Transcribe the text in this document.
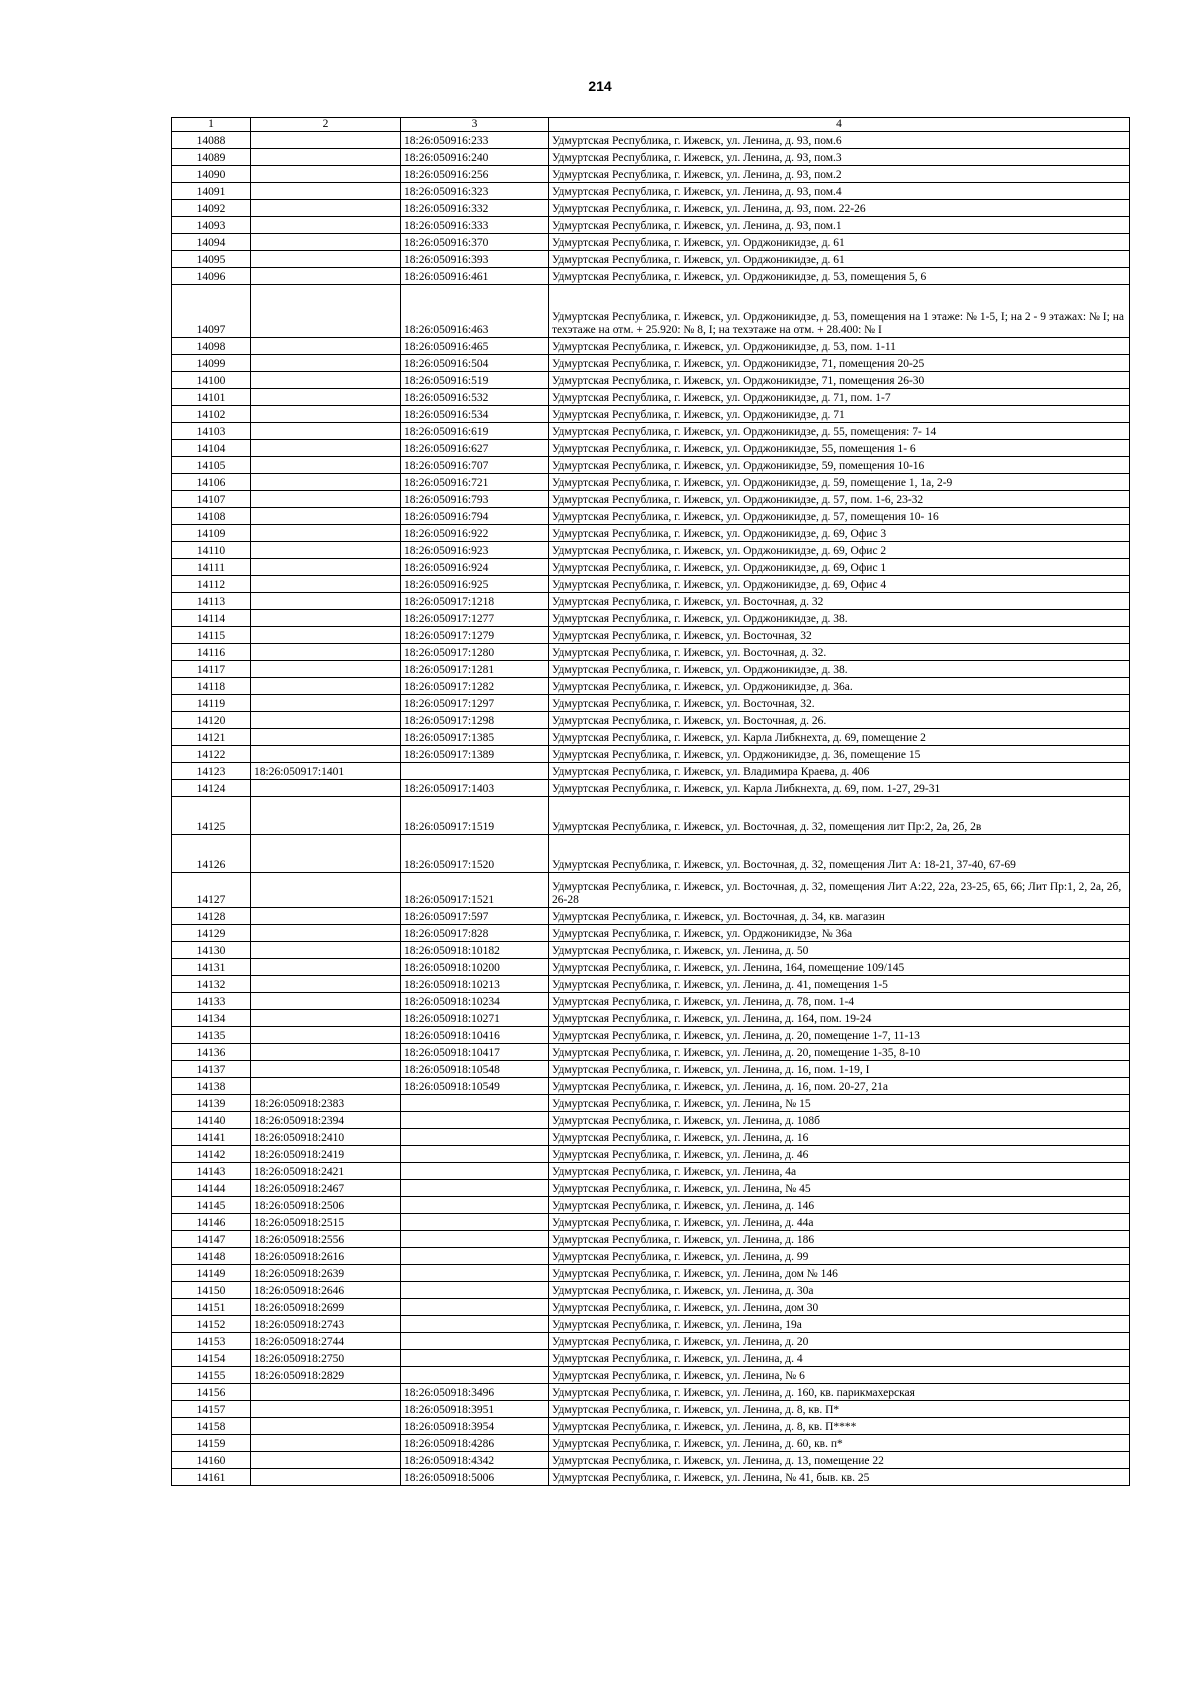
214
1	2	3	4
14088		18:26:050916:233	Удмуртская Республика, г. Ижевск, ул. Ленина, д. 93, пом.6
14089		18:26:050916:240	Удмуртская Республика, г. Ижевск, ул. Ленина, д. 93, пом.3
14090		18:26:050916:256	Удмуртская Республика, г. Ижевск, ул. Ленина, д. 93, пом.2
14091		18:26:050916:323	Удмуртская Республика, г. Ижевск, ул. Ленина, д. 93, пом.4
14092		18:26:050916:332	Удмуртская Республика, г. Ижевск, ул. Ленина, д. 93, пом. 22-26
14093		18:26:050916:333	Удмуртская Республика, г. Ижевск, ул. Ленина, д. 93, пом.1
14094		18:26:050916:370	Удмуртская Республика, г. Ижевск, ул. Орджоникидзе, д. 61
14095		18:26:050916:393	Удмуртская Республика, г. Ижевск, ул. Орджоникидзе, д. 61
14096		18:26:050916:461	Удмуртская Республика, г. Ижевск, ул. Орджоникидзе, д. 53, помещения 5, 6
14097		18:26:050916:463	Удмуртская Республика, г. Ижевск, ул. Орджоникидзе, д. 53, помещения на 1 этаже: № 1-5, I; на 2 - 9 этажах: № I; на техэтаже на отм. + 25.920: № 8, I; на техэтаже на отм. + 28.400: № I
14098		18:26:050916:465	Удмуртская Республика, г. Ижевск, ул. Орджоникидзе, д. 53, пом. 1-11
14099		18:26:050916:504	Удмуртская Республика, г. Ижевск, ул. Орджоникидзе, 71, помещения 20-25
14100		18:26:050916:519	Удмуртская Республика, г. Ижевск, ул. Орджоникидзе, 71, помещения 26-30
14101		18:26:050916:532	Удмуртская Республика, г. Ижевск, ул. Орджоникидзе, д. 71, пом. 1-7
14102		18:26:050916:534	Удмуртская Республика, г. Ижевск, ул. Орджоникидзе, д. 71
14103		18:26:050916:619	Удмуртская Республика, г. Ижевск, ул. Орджоникидзе, д. 55, помещения: 7- 14
14104		18:26:050916:627	Удмуртская Республика, г. Ижевск, ул. Орджоникидзе, 55, помещения 1- 6
14105		18:26:050916:707	Удмуртская Республика, г. Ижевск, ул. Орджоникидзе, 59, помещения 10-16
14106		18:26:050916:721	Удмуртская Республика, г. Ижевск, ул. Орджоникидзе, д. 59, помещение 1, 1а, 2-9
14107		18:26:050916:793	Удмуртская Республика, г. Ижевск, ул. Орджоникидзе, д. 57, пом. 1-6, 23-32
14108		18:26:050916:794	Удмуртская Республика, г. Ижевск, ул. Орджоникидзе, д. 57, помещения 10- 16
14109		18:26:050916:922	Удмуртская Республика, г. Ижевск, ул. Орджоникидзе, д. 69, Офис 3
14110		18:26:050916:923	Удмуртская Республика, г. Ижевск, ул. Орджоникидзе, д. 69, Офис 2
14111		18:26:050916:924	Удмуртская Республика, г. Ижевск, ул. Орджоникидзе, д. 69, Офис 1
14112		18:26:050916:925	Удмуртская Республика, г. Ижевск, ул. Орджоникидзе, д. 69, Офис 4
14113		18:26:050917:1218	Удмуртская Республика, г. Ижевск, ул. Восточная, д. 32
14114		18:26:050917:1277	Удмуртская Республика, г. Ижевск, ул. Орджоникидзе, д. 38.
14115		18:26:050917:1279	Удмуртская Республика, г. Ижевск, ул. Восточная, 32
14116		18:26:050917:1280	Удмуртская Республика, г. Ижевск, ул. Восточная, д. 32.
14117		18:26:050917:1281	Удмуртская Республика, г. Ижевск, ул. Орджоникидзе, д. 38.
14118		18:26:050917:1282	Удмуртская Республика, г. Ижевск, ул. Орджоникидзе, д. 36а.
14119		18:26:050917:1297	Удмуртская Республика, г. Ижевск, ул. Восточная, 32.
14120		18:26:050917:1298	Удмуртская Республика, г. Ижевск, ул. Восточная, д. 26.
14121		18:26:050917:1385	Удмуртская Республика, г. Ижевск, ул. Карла Либкнехта, д. 69, помещение 2
14122		18:26:050917:1389	Удмуртская Республика, г. Ижевск, ул. Орджоникидзе, д. 36, помещение 15
14123	18:26:050917:1401		Удмуртская Республика, г. Ижевск, ул. Владимира Краева, д. 406
14124		18:26:050917:1403	Удмуртская Республика, г. Ижевск, ул. Карла Либкнехта, д. 69, пом. 1-27, 29-31
14125		18:26:050917:1519	Удмуртская Республика, г. Ижевск, ул. Восточная, д. 32, помещения лит Пр:2, 2а, 2б, 2в
14126		18:26:050917:1520	Удмуртская Республика, г. Ижевск, ул. Восточная, д. 32, помещения Лит А: 18-21, 37-40, 67-69
14127		18:26:050917:1521	Удмуртская Республика, г. Ижевск, ул. Восточная, д. 32, помещения Лит А:22, 22а, 23-25, 65, 66; Лит Пр:1, 2, 2а, 2б, 26-28
14128		18:26:050917:597	Удмуртская Республика, г. Ижевск, ул. Восточная, д. 34, кв. магазин
14129		18:26:050917:828	Удмуртская Республика, г. Ижевск, ул. Орджоникидзе, № 36а
14130		18:26:050918:10182	Удмуртская Республика, г. Ижевск, ул. Ленина, д. 50
14131		18:26:050918:10200	Удмуртская Республика, г. Ижевск, ул. Ленина, 164, помещение 109/145
14132		18:26:050918:10213	Удмуртская Республика, г. Ижевск, ул. Ленина, д. 41, помещения 1-5
14133		18:26:050918:10234	Удмуртская Республика, г. Ижевск, ул. Ленина, д. 78, пом. 1-4
14134		18:26:050918:10271	Удмуртская Республика, г. Ижевск, ул. Ленина, д. 164, пом. 19-24
14135		18:26:050918:10416	Удмуртская Республика, г. Ижевск, ул. Ленина, д. 20, помещение 1-7, 11-13
14136		18:26:050918:10417	Удмуртская Республика, г. Ижевск, ул. Ленина, д. 20, помещение 1-35, 8-10
14137		18:26:050918:10548	Удмуртская Республика, г. Ижевск, ул. Ленина, д. 16, пом. 1-19, I
14138		18:26:050918:10549	Удмуртская Республика, г. Ижевск, ул. Ленина, д. 16, пом. 20-27, 21а
14139	18:26:050918:2383		Удмуртская Республика, г. Ижевск, ул. Ленина, № 15
14140	18:26:050918:2394		Удмуртская Республика, г. Ижевск, ул. Ленина, д. 108б
14141	18:26:050918:2410		Удмуртская Республика, г. Ижевск, ул. Ленина, д. 16
14142	18:26:050918:2419		Удмуртская Республика, г. Ижевск, ул. Ленина, д. 46
14143	18:26:050918:2421		Удмуртская Республика, г. Ижевск, ул. Ленина, 4а
14144	18:26:050918:2467		Удмуртская Республика, г. Ижевск, ул. Ленина, № 45
14145	18:26:050918:2506		Удмуртская Республика, г. Ижевск, ул. Ленина, д. 146
14146	18:26:050918:2515		Удмуртская Республика, г. Ижевск, ул. Ленина, д. 44а
14147	18:26:050918:2556		Удмуртская Республика, г. Ижевск, ул. Ленина, д. 186
14148	18:26:050918:2616		Удмуртская Республика, г. Ижевск, ул. Ленина, д. 99
14149	18:26:050918:2639		Удмуртская Республика, г. Ижевск, ул. Ленина, дом № 146
14150	18:26:050918:2646		Удмуртская Республика, г. Ижевск, ул. Ленина, д. 30а
14151	18:26:050918:2699		Удмуртская Республика, г. Ижевск, ул. Ленина, дом 30
14152	18:26:050918:2743		Удмуртская Республика, г. Ижевск, ул. Ленина, 19а
14153	18:26:050918:2744		Удмуртская Республика, г. Ижевск, ул. Ленина, д. 20
14154	18:26:050918:2750		Удмуртская Республика, г. Ижевск, ул. Ленина, д. 4
14155	18:26:050918:2829		Удмуртская Республика, г. Ижевск, ул. Ленина, № 6
14156		18:26:050918:3496	Удмуртская Республика, г. Ижевск, ул. Ленина, д. 160, кв. парикмахерская
14157		18:26:050918:3951	Удмуртская Республика, г. Ижевск, ул. Ленина, д. 8, кв. П*
14158		18:26:050918:3954	Удмуртская Республика, г. Ижевск, ул. Ленина, д. 8, кв. П****
14159		18:26:050918:4286	Удмуртская Республика, г. Ижевск, ул. Ленина, д. 60, кв. п*
14160		18:26:050918:4342	Удмуртская Республика, г. Ижевск, ул. Ленина, д. 13, помещение 22
14161		18:26:050918:5006	Удмуртская Республика, г. Ижевск, ул. Ленина, № 41, быв. кв. 25
